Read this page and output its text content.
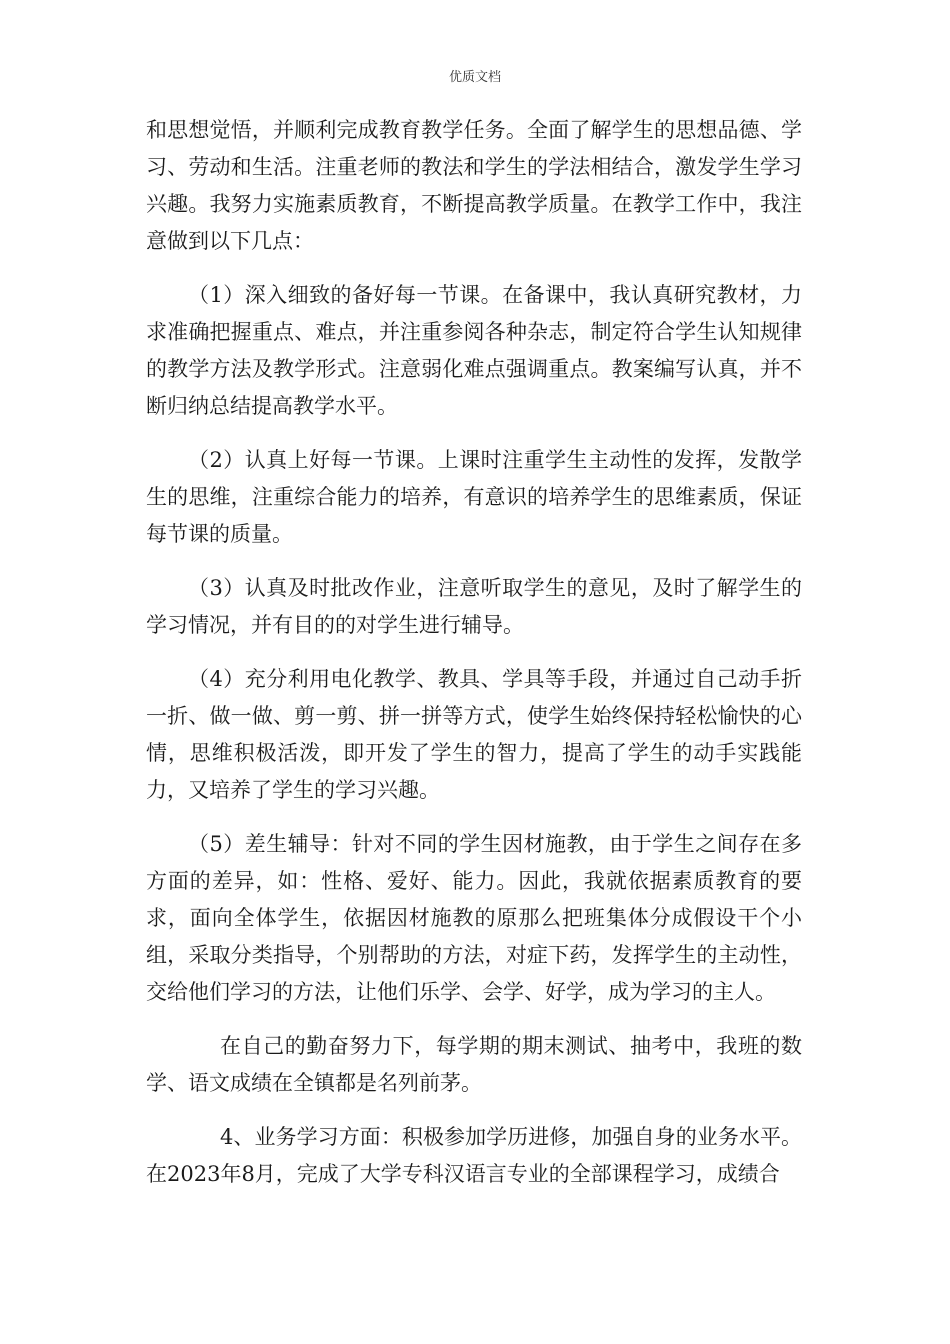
优质文档

和思想觉悟，并顺利完成教育教学任务。全面了解学生的思想品德、学习、劳动和生活。注重老师的教法和学生的学法相结合，激发学生学习兴趣。我努力实施素质教育，不断提高教学质量。在教学工作中，我注意做到以下几点：

（1）深入细致的备好每一节课。在备课中，我认真研究教材，力求准确把握重点、难点，并注重参阅各种杂志，制定符合学生认知规律的教学方法及教学形式。注意弱化难点强调重点。教案编写认真，并不断归纳总结提高教学水平。

（2）认真上好每一节课。上课时注重学生主动性的发挥，发散学生的思维，注重综合能力的培养，有意识的培养学生的思维素质，保证每节课的质量。

（3）认真及时批改作业，注意听取学生的意见，及时了解学生的学习情况，并有目的的对学生进行辅导。

（4）充分利用电化教学、教具、学具等手段，并通过自己动手折一折、做一做、剪一剪、拼一拼等方式，使学生始终保持轻松愉快的心情，思维积极活泼，即开发了学生的智力，提高了学生的动手实践能力，又培养了学生的学习兴趣。

（5）差生辅导：针对不同的学生因材施教，由于学生之间存在多方面的差异，如：性格、爱好、能力。因此，我就依据素质教育的要求，面向全体学生，依据因材施教的原那么把班集体分成假设干个小组，采取分类指导，个别帮助的方法，对症下药，发挥学生的主动性，交给他们学习的方法，让他们乐学、会学、好学，成为学习的主人。

在自己的勤奋努力下，每学期的期末测试、抽考中，我班的数学、语文成绩在全镇都是名列前茅。

4、业务学习方面：积极参加学历进修，加强自身的业务水平。在2023年8月，完成了大学专科汉语言专业的全部课程学习，成绩合
